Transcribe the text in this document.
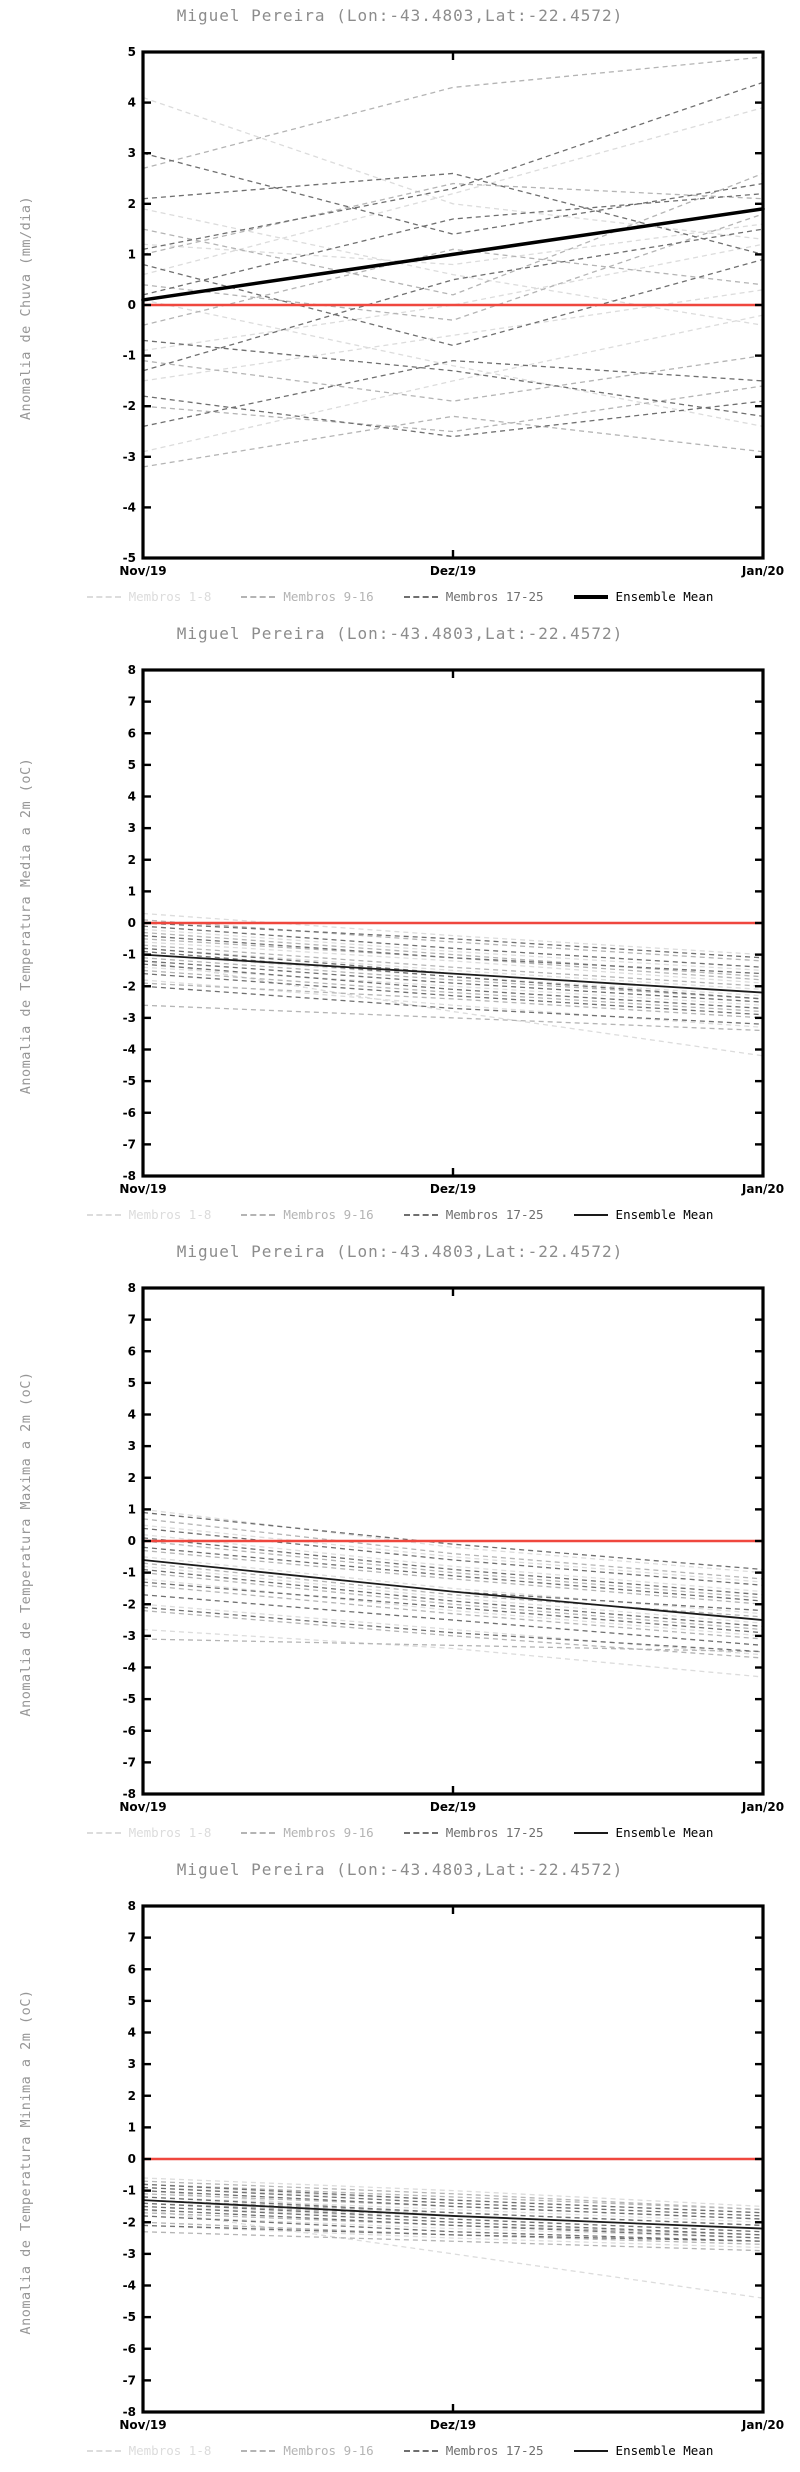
Miguel Pereira (Lon:-43.4803,Lat:-22.4572)
Anomalia de Chuva (mm/dia)
5
4
3
2
1
0
-1
-2
-3
-4
-5
Nov/19	Dez/19	Jan/20
Membros 1-8	Membros 9-16	Membros 17-25	Ensemble Mean
Miguel Pereira (Lon:-43.4803,Lat:-22.4572)
Anomalia de Temperatura Media a 2m (oC)
8
7
6
5
4
3
2
1
0
-1
-2
-3
-4
-5
-6
-7
-8
Nov/19	Dez/19	Jan/20
Membros 1-8	Membros 9-16	Membros 17-25	Ensemble Mean
Miguel Pereira (Lon:-43.4803,Lat:-22.4572)
Anomalia de Temperatura Maxima a 2m (oC)
8
7
6
5
4
3
2
1
0
-1
-2
-3
-4
-5
-6
-7
-8
Nov/19	Dez/19	Jan/20
Membros 1-8	Membros 9-16	Membros 17-25	Ensemble Mean
Miguel Pereira (Lon:-43.4803,Lat:-22.4572)
Anomalia de Temperatura Minima a 2m (oC)
8
7
6
5
4
3
2
1
0
-1
-2
-3
-4
-5
-6
-7
-8
Nov/19	Dez/19	Jan/20
Membros 1-8	Membros 9-16	Membros 17-25	Ensemble Mean
